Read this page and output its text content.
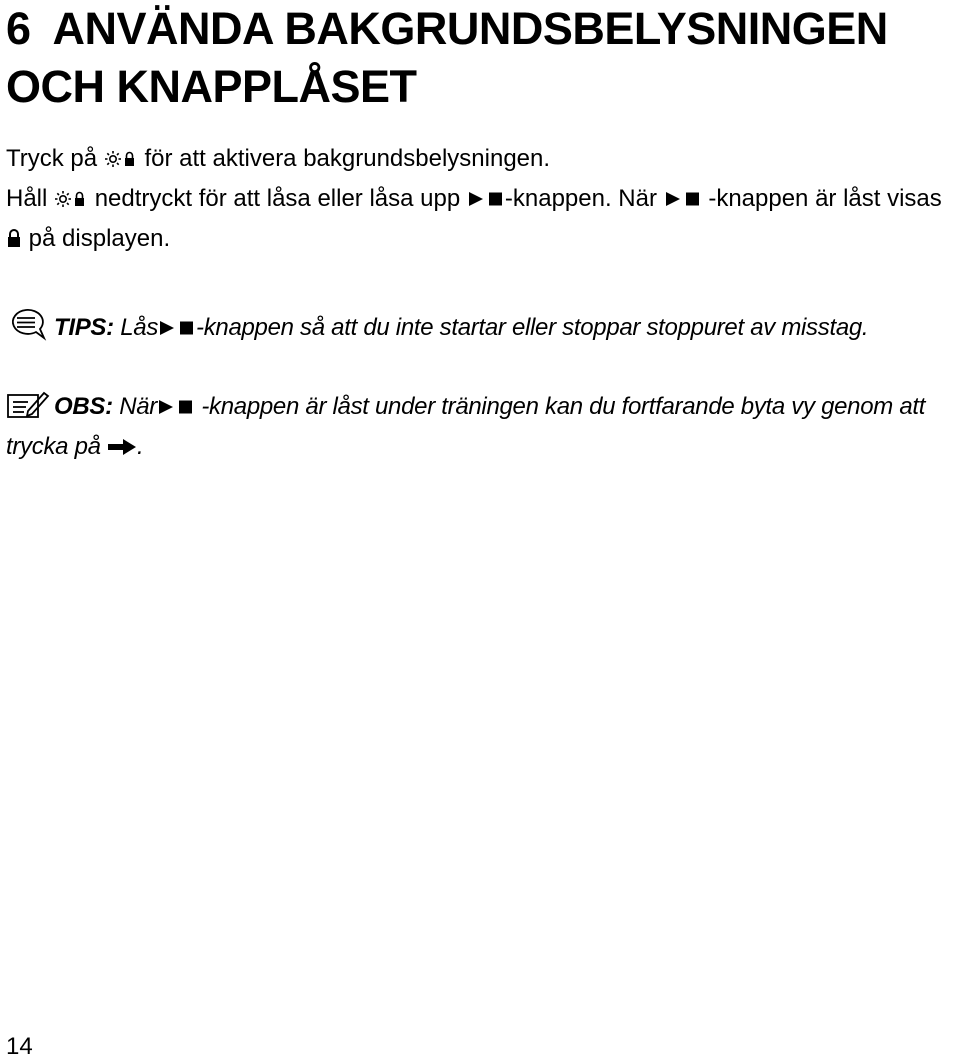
6 ANVÄNDA BAKGRUNDSBELYSNINGEN
OCH KNAPPLÅSET

Tryck på för att aktivera bakgrundsbelysningen.

Håll nedtryckt för att låsa eller låsa upp -knappen. När -knappen är låst visas  på displayen.

TIPS: Lås -knappen så att du inte startar eller stoppar stoppuret av misstag.

OBS: När -knappen är låst under träningen kan du fortfarande byta vy genom att trycka på .

14
